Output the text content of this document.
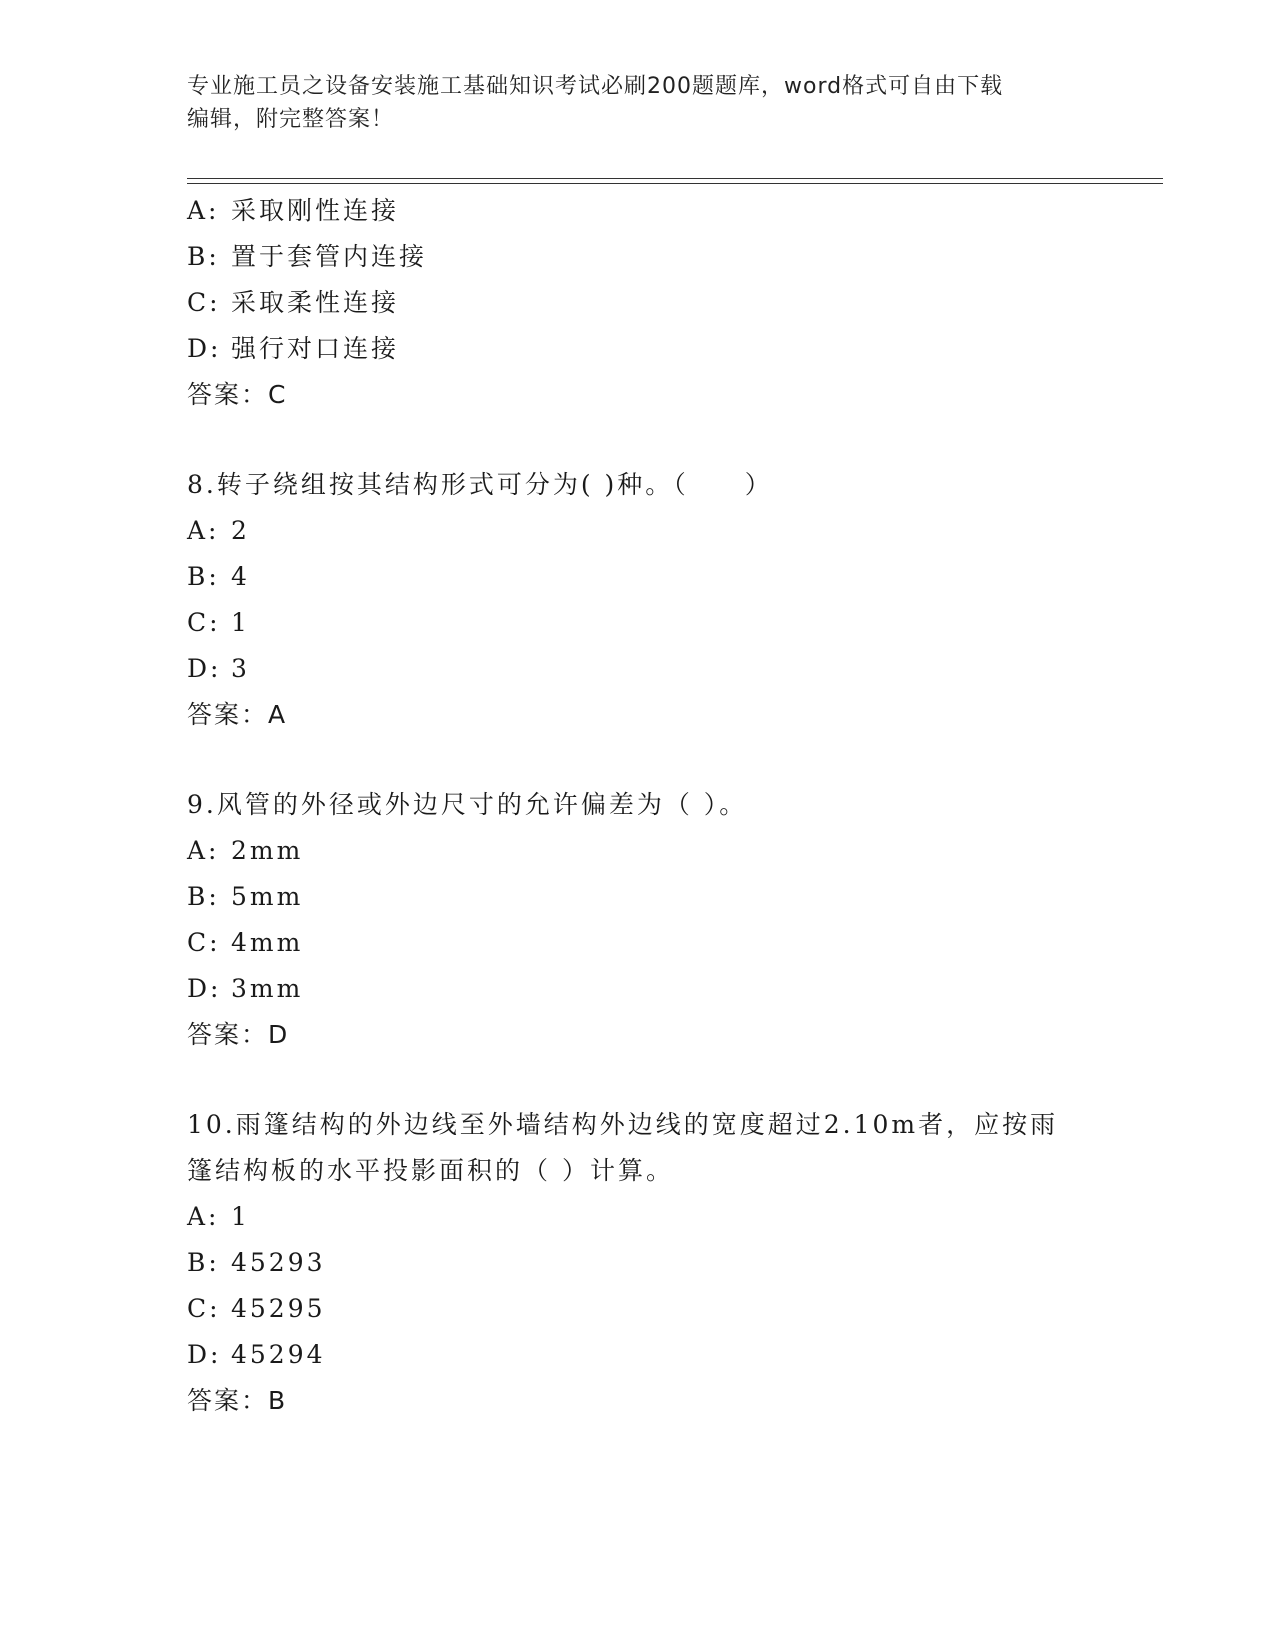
专业施工员之设备安装施工基础知识考试必刷200题题库，word格式可自由下载
编辑，附完整答案！
A: 采取刚性连接
B: 置于套管内连接
C: 采取柔性连接
D: 强行对口连接
答案：C
8.转子绕组按其结构形式可分为( )种。（　　）
A: 2
B: 4
C: 1
D: 3
答案：A
9.风管的外径或外边尺寸的允许偏差为（ ）。
A: 2mm
B: 5mm
C: 4mm
D: 3mm
答案：D
10.雨篷结构的外边线至外墙结构外边线的宽度超过2.10m者，应按雨篷结构板的水平投影面积的（ ）计算。
A: 1
B: 45293
C: 45295
D: 45294
答案：B
